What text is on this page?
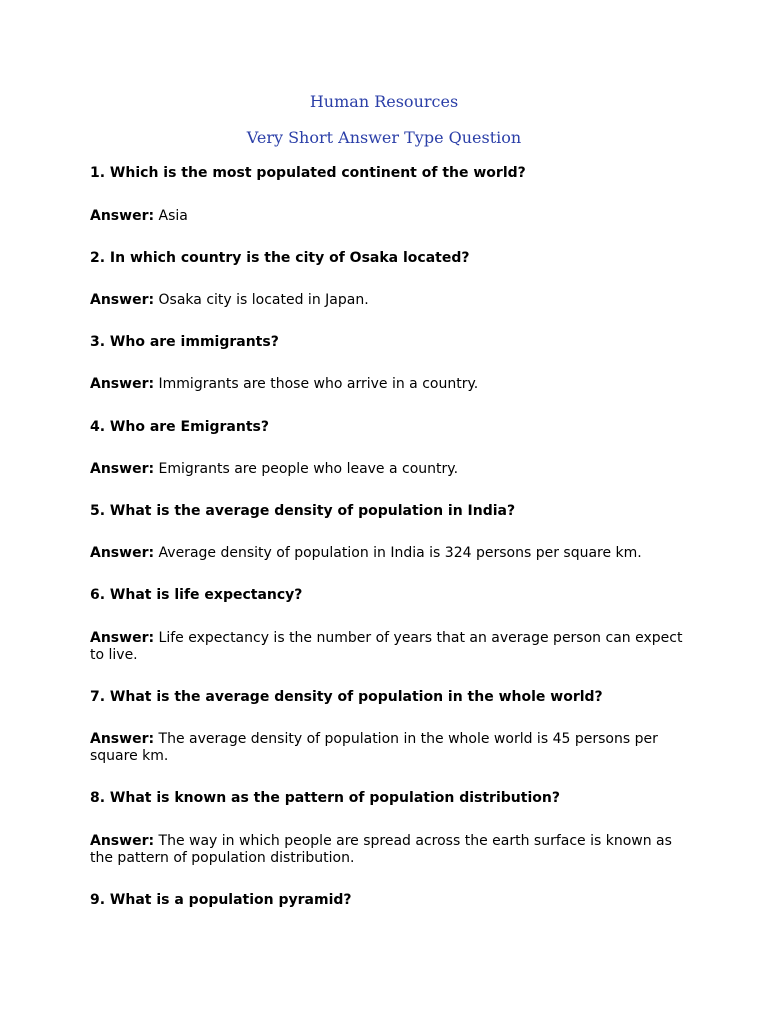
Human Resources
Very Short Answer Type Question

1. Which is the most populated continent of the world?

Answer: Asia

2. In which country is the city of Osaka located?

Answer: Osaka city is located in Japan.

3. Who are immigrants?

Answer: Immigrants are those who arrive in a country.

4. Who are Emigrants?

Answer: Emigrants are people who leave a country.

5. What is the average density of population in India?

Answer: Average density of population in India is 324 persons per square km.

6. What is life expectancy?

Answer: Life expectancy is the number of years that an average person can expect to live.

7. What is the average density of population in the whole world?

Answer: The average density of population in the whole world is 45 persons per square km.

8. What is known as the pattern of population distribution?

Answer: The way in which people are spread across the earth surface is known as the pattern of population distribution.

9. What is a population pyramid?
